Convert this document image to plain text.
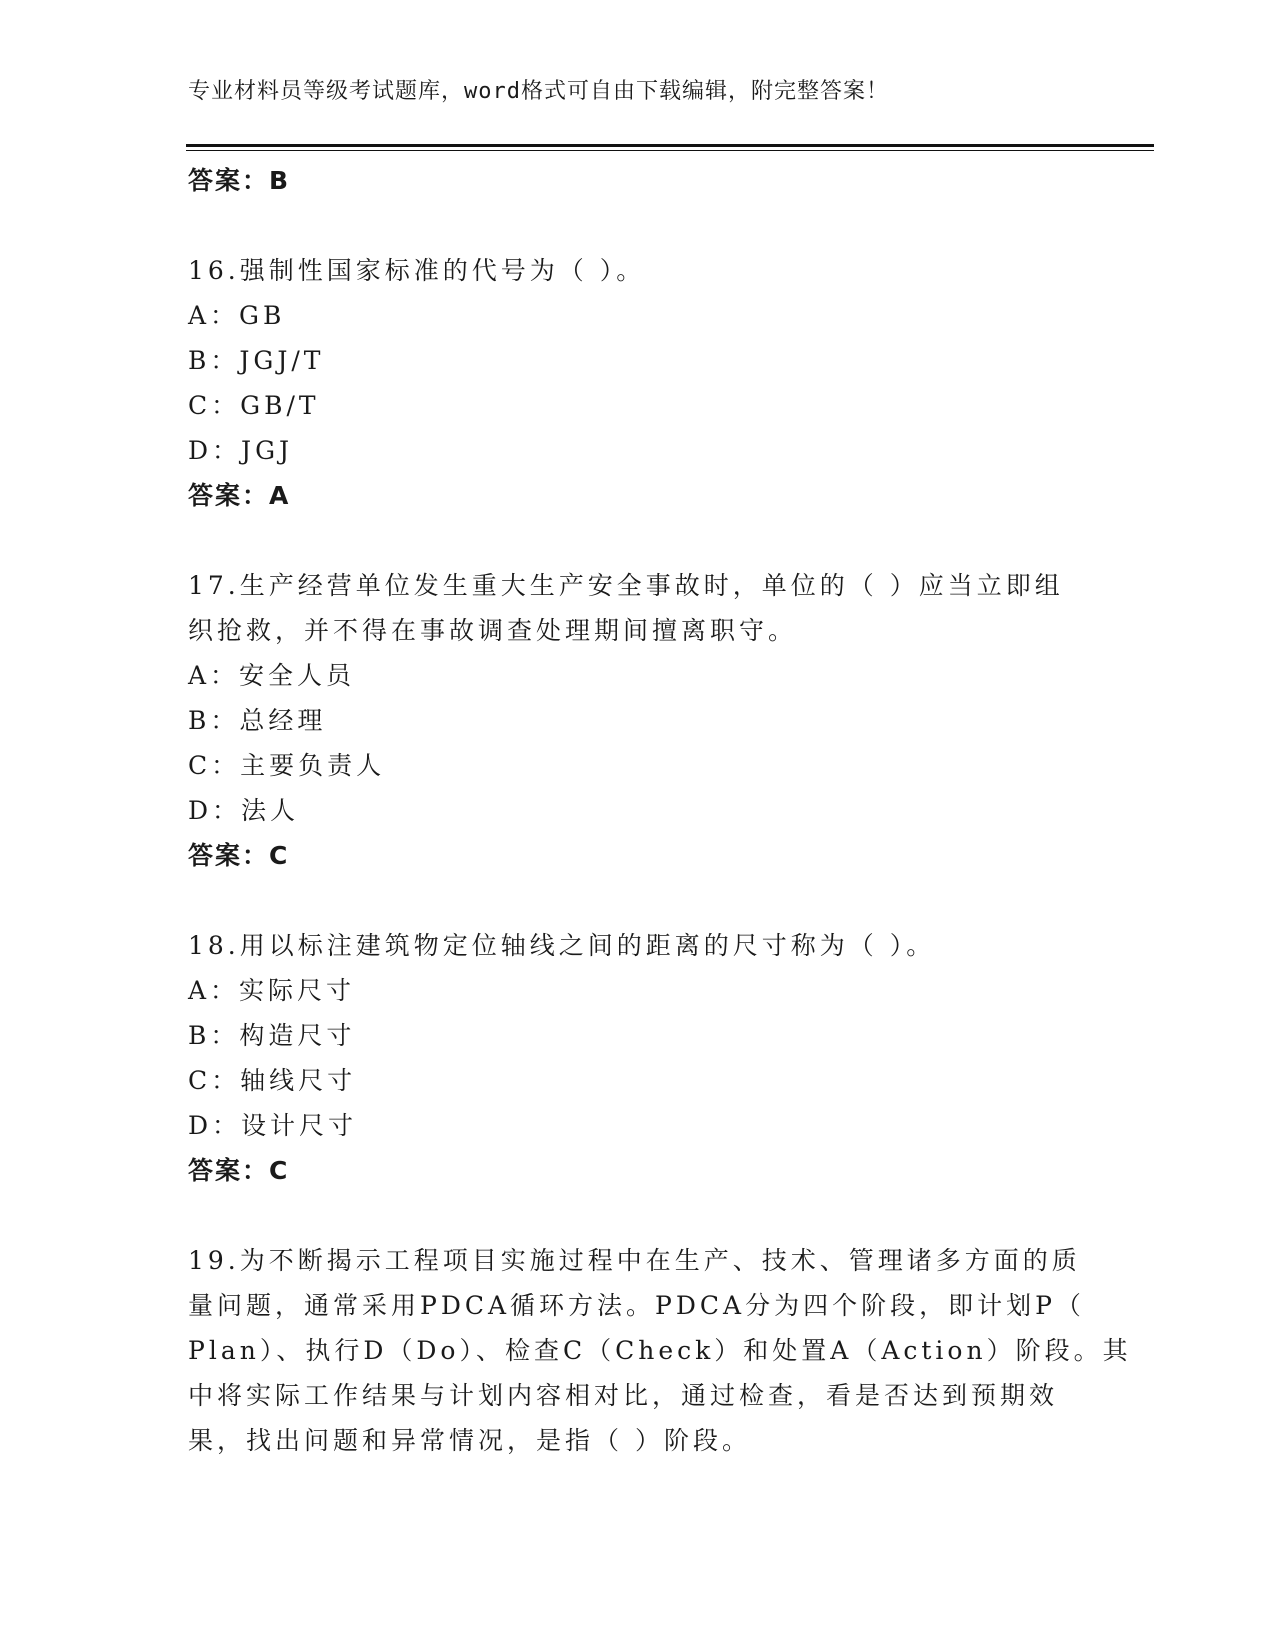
专业材料员等级考试题库，word格式可自由下载编辑，附完整答案！
答案：B
16.强制性国家标准的代号为（ ）。
A：GB
B：JGJ/T
C：GB/T
D：JGJ
答案：A
17.生产经营单位发生重大生产安全事故时，单位的（ ）应当立即组
织抢救，并不得在事故调查处理期间擅离职守。
A：安全人员
B：总经理
C：主要负责人
D：法人
答案：C
18.用以标注建筑物定位轴线之间的距离的尺寸称为（ ）。
A：实际尺寸
B：构造尺寸
C：轴线尺寸
D：设计尺寸
答案：C
19.为不断揭示工程项目实施过程中在生产、技术、管理诸多方面的质
量问题，通常采用PDCA循环方法。PDCA分为四个阶段，即计划P（
Plan）、执行D（Do）、检查C（Check）和处置A（Action）阶段。其
中将实际工作结果与计划内容相对比，通过检查，看是否达到预期效
果，找出问题和异常情况，是指（ ）阶段。
